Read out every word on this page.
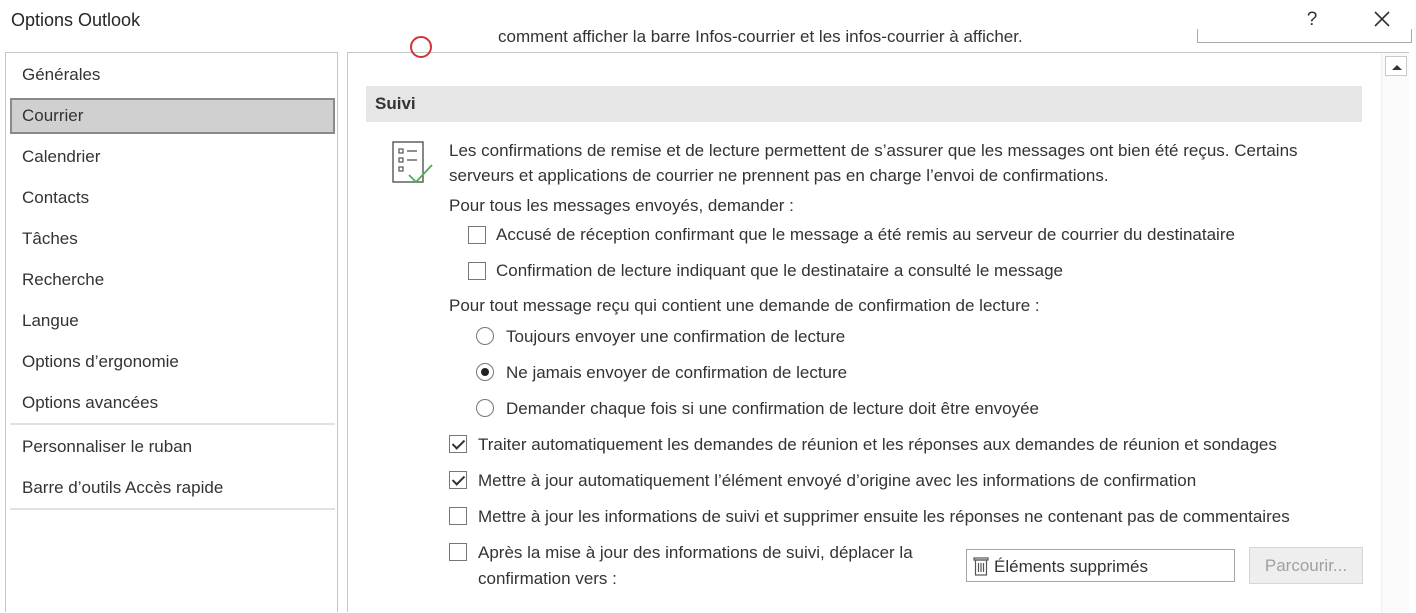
Options Outlook	?
Générales
Courrier
Calendrier
Contacts
Tâches
Recherche
Langue
Options d’ergonomie
Options avancées
Personnaliser le ruban
Barre d’outils Accès rapide
comment afficher la barre Infos-courrier et les infos-courrier à afficher.
Suivi
Les confirmations de remise et de lecture permettent de s’assurer que les messages ont bien été reçus. Certains serveurs et applications de courrier ne prennent pas en charge l’envoi de confirmations.
Pour tous les messages envoyés, demander :
Accusé de réception confirmant que le message a été remis au serveur de courrier du destinataire
Confirmation de lecture indiquant que le destinataire a consulté le message
Pour tout message reçu qui contient une demande de confirmation de lecture :
Toujours envoyer une confirmation de lecture
Ne jamais envoyer de confirmation de lecture
Demander chaque fois si une confirmation de lecture doit être envoyée
Traiter automatiquement les demandes de réunion et les réponses aux demandes de réunion et sondages
Mettre à jour automatiquement l’élément envoyé d’origine avec les informations de confirmation
Mettre à jour les informations de suivi et supprimer ensuite les réponses ne contenant pas de commentaires
Après la mise à jour des informations de suivi, déplacer la
confirmation vers :
Éléments supprimés	Parcourir...
